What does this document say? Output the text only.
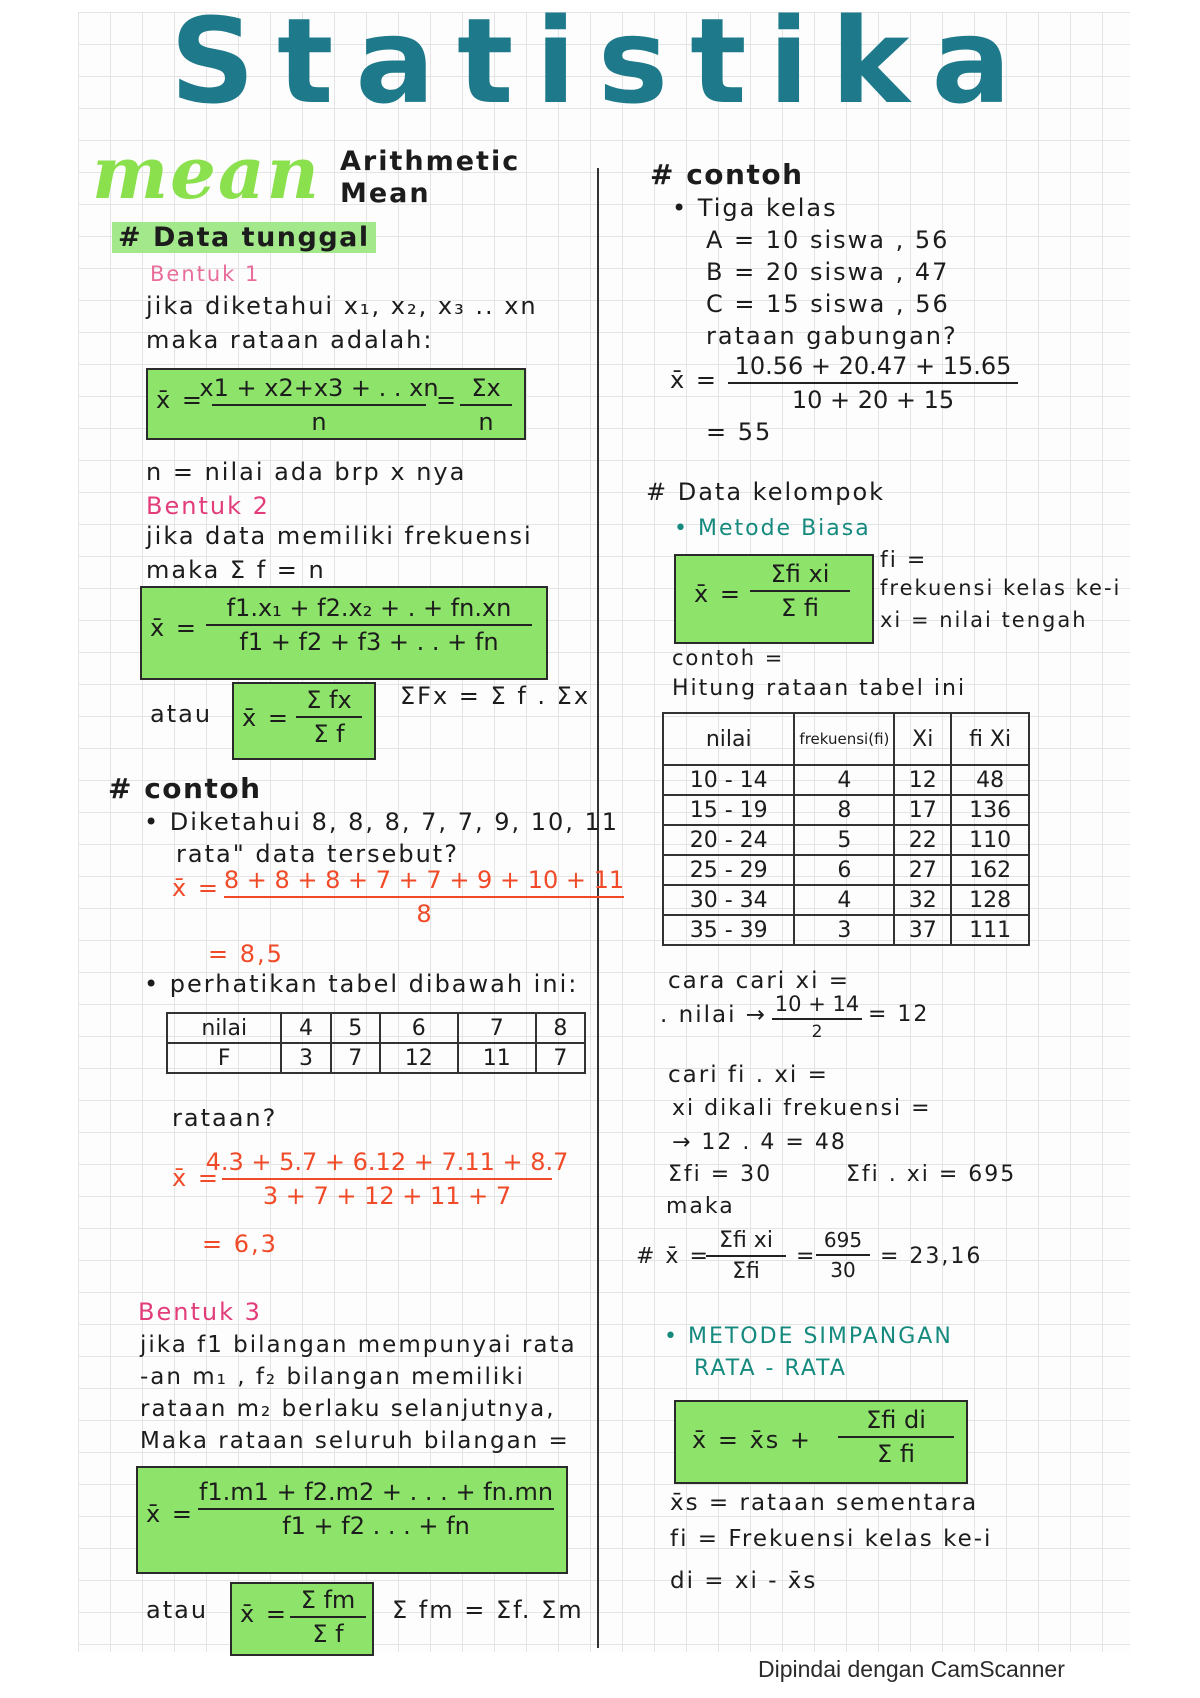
Statistika
mean Arithmetic
Mean
# Data tunggal
Bentuk 1
jika diketahui x₁, x₂, x₃ .. xn
maka rataan adalah:
x̄ =
x1 + x2+x3 + . . xn
n
= Σx
n
n = nilai ada brp x nya
Bentuk 2
jika data memiliki frekuensi
maka Σ f = n
x̄ =
f1.x₁ + f2.x₂ + . + fn.xn
f1 + f2 + f3 + . . + fn
atau x̄ =
Σ fx
Σ f
ΣFx = Σ f . Σx
# contoh
• Diketahui 8, 8, 8, 7, 7, 9, 10, 11
rata" data tersebut?
x̄ = 8 + 8 + 8 + 7 + 7 + 9 + 10 + 11
8
= 8,5
• perhatikan tabel dibawah ini:
nilai	4	5	6	7	8
F	3	7	12	11	7
rataan?
x̄ =
4.3 + 5.7 + 6.12 + 7.11 + 8.7
3 + 7 + 12 + 11 + 7
= 6,3
Bentuk 3
jika f1 bilangan mempunyai rata
-an m₁ , f₂ bilangan memiliki
rataan m₂ berlaku selanjutnya,
Maka rataan seluruh bilangan =
x̄ =
f1.m1 + f2.m2 + . . . + fn.mn
f1 + f2 . . . + fn
atau x̄ = Σ fm
Σ f
Σ fm = Σf. Σm
# contoh
• Tiga kelas
A = 10 siswa , 56
B = 20 siswa , 47
C = 15 siswa , 56
rataan gabungan?
x̄ = 10.56 + 20.47 + 15.65
10 + 20 + 15
= 55
# Data kelompok
• Metode Biasa
x̄ =
Σfi xi
Σ fi
fi =
frekuensi kelas ke-i
xi = nilai tengah
contoh =
Hitung rataan tabel ini
nilai	frekuensi(fi)	Xi	fi Xi
10 - 14	4	12	48
15 - 19	8	17	136
20 - 24	5	22	110
25 - 29	6	27	162
30 - 34	4	32	128
35 - 39	3	37	111
cara cari xi =
. nilai → 10 + 14
2
= 12
cari fi . xi =
xi dikali frekuensi =
→ 12 . 4 = 48
Σfi = 30	Σfi . xi = 695
maka
# x̄ =
Σfi xi
Σfi
=
695
30
= 23,16
• METODE SIMPANGAN
RATA - RATA
x̄ = x̄s +
Σfi di
Σ fi
x̄s = rataan sementara
fi = Frekuensi kelas ke-i
di = xi - x̄s
Dipindai dengan CamScanner
